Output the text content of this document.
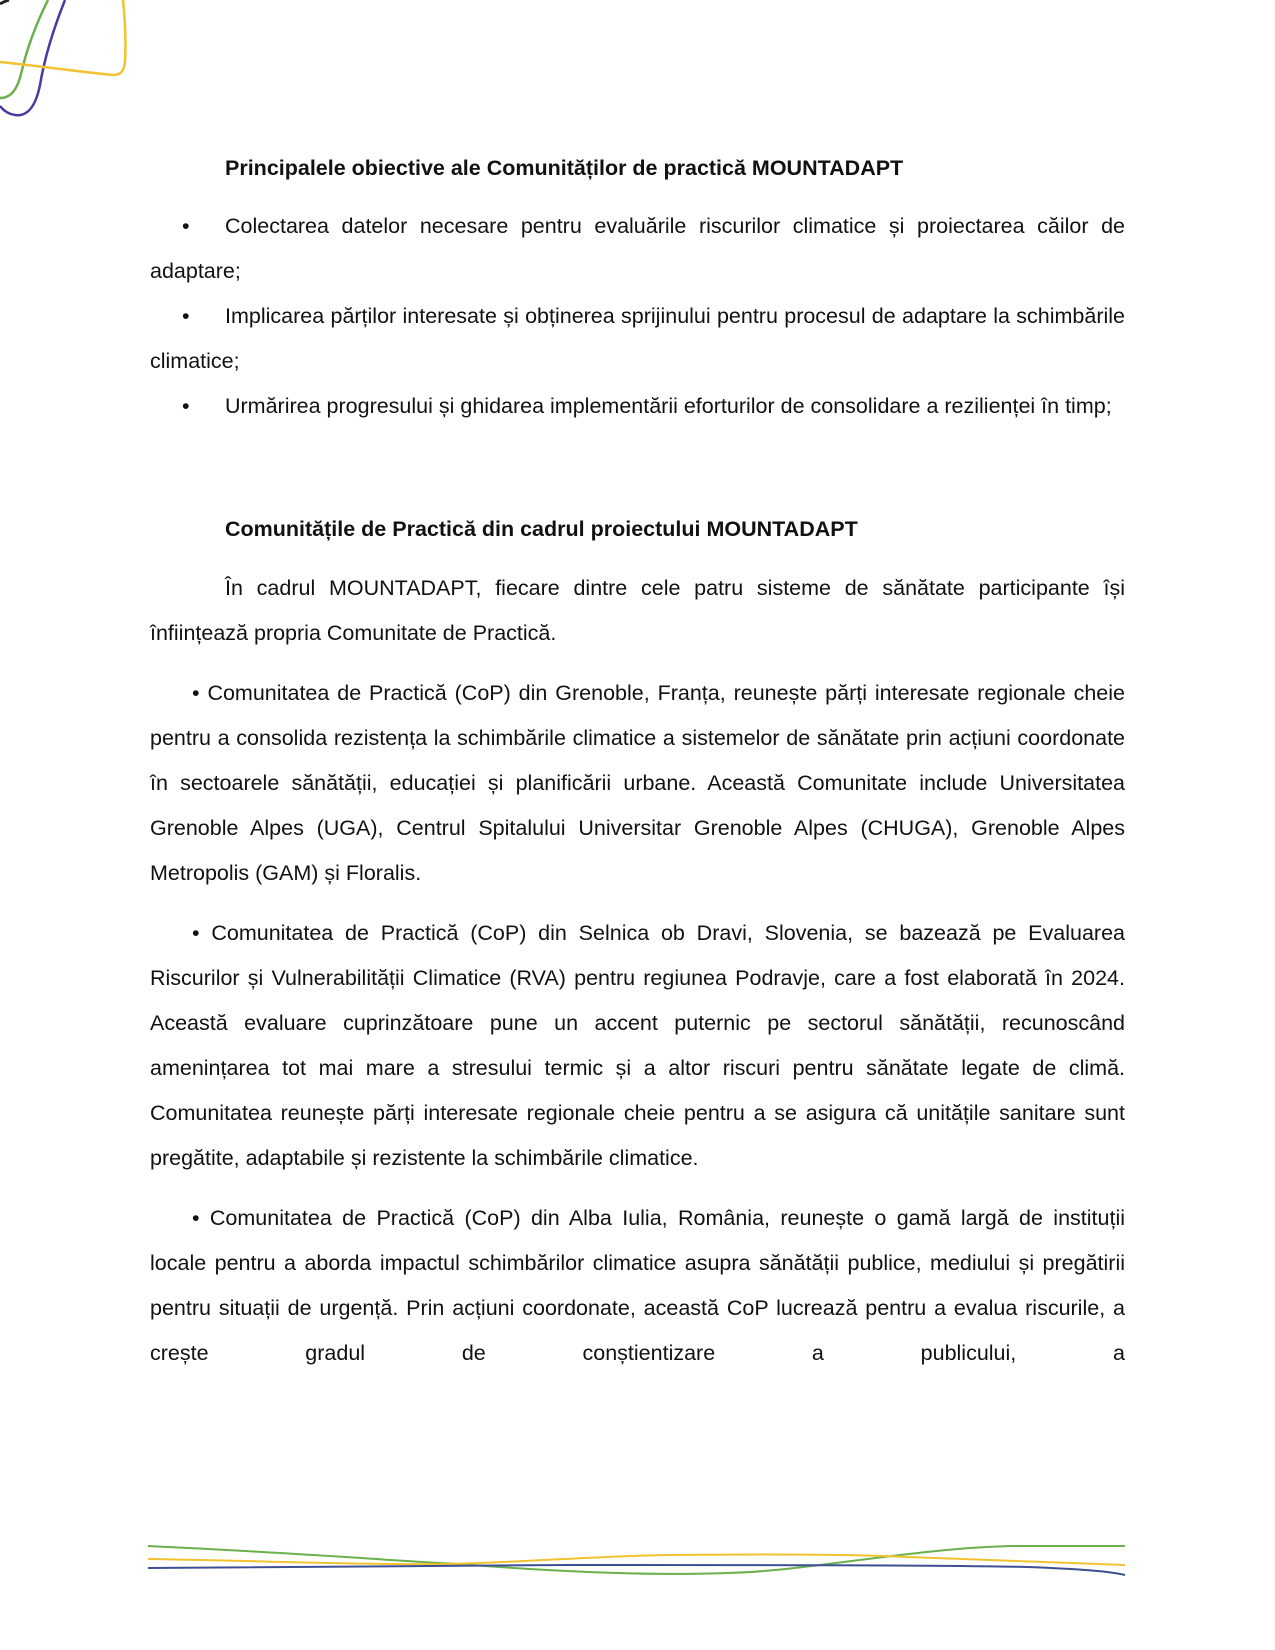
Principalele obiective ale Comunităților de practică MOUNTADAPT

• Colectarea datelor necesare pentru evaluările riscurilor climatice și proiectarea căilor de adaptare;

• Implicarea părților interesate și obținerea sprijinului pentru procesul de adaptare la schimbările climatice;

• Urmărirea progresului și ghidarea implementării eforturilor de consolidare a rezilienței în timp;

Comunitățile de Practică din cadrul proiectului MOUNTADAPT

În cadrul MOUNTADAPT, fiecare dintre cele patru sisteme de sănătate participante își înființează propria Comunitate de Practică.

• Comunitatea de Practică (CoP) din Grenoble, Franța, reunește părți interesate regionale cheie pentru a consolida rezistența la schimbările climatice a sistemelor de sănătate prin acțiuni coordonate în sectoarele sănătății, educației și planificării urbane. Această Comunitate include Universitatea Grenoble Alpes (UGA), Centrul Spitalului Universitar Grenoble Alpes (CHUGA), Grenoble Alpes Metropolis (GAM) și Floralis.

• Comunitatea de Practică (CoP) din Selnica ob Dravi, Slovenia, se bazează pe Evaluarea Riscurilor și Vulnerabilității Climatice (RVA) pentru regiunea Podravje, care a fost elaborată în 2024. Această evaluare cuprinzătoare pune un accent puternic pe sectorul sănătății, recunoscând amenințarea tot mai mare a stresului termic și a altor riscuri pentru sănătate legate de climă. Comunitatea reunește părți interesate regionale cheie pentru a se asigura că unitățile sanitare sunt pregătite, adaptabile și rezistente la schimbările climatice.

• Comunitatea de Practică (CoP) din Alba Iulia, România, reunește o gamă largă de instituții locale pentru a aborda impactul schimbărilor climatice asupra sănătății publice, mediului și pregătirii pentru situații de urgență. Prin acțiuni coordonate, această CoP lucrează pentru a evalua riscurile, a crește gradul de conștientizare a publicului, a
